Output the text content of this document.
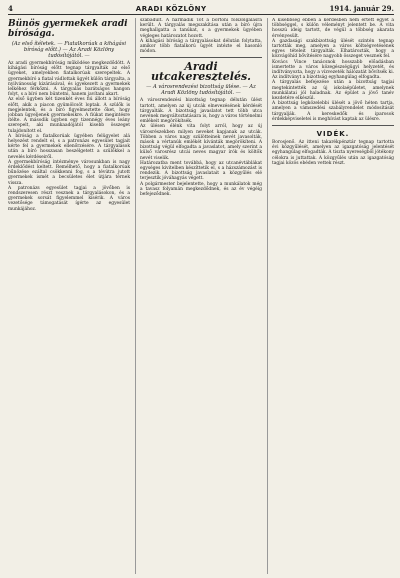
4	ARADI KÖZLÖNY	1914. január 29.
Bünös gyermekek aradi bírósága.
(Az első ítéletek. — Fiatalkorúak a kihágási bíróság előtt.) — Az Aradi Közlöny tudósítójától. —

Az aradi gyermekbíróság működése megkezdődött. A kihágási bíróság előtt tegnap tárgyalták az első ügyeket, amelyekben fiatalkorúak szerepeltek. A gyermekbíró a fiatal vádlottak ügyét külön tárgyalta, a nyilvánosság kizárásával, és igyekezett a gyermekek lelkéhez férkőzni. A tárgyalás barátságos hangon folyt, s a bíró nem büntetni, hanem javítani akart.

Az első ügyben két tizenkét éves fiú állott a bíróság előtt, akik a piacon gyümölcsöt loptak. A szülők is megjelentek, és a bíró figyelmeztette őket, hogy jobban ügyeljenek gyermekeikre. A fiúkat megintésre ítélte. A második ügyben egy tizennégy éves leány szerepelt, aki munkaadójától kisebb összeget tulajdonított el.

A bíróság a fiatalkorúak ügyében felügyelet alá helyezést rendelt el, s a patronázs egyesület tagjait kérte fel a gyermekek ellenőrzésére. A tárgyalások után a bíró hosszasan beszélgetett a szülőkkel a nevelés kérdéseiről.

A gyermekbíróság intézménye városunkban is nagy érdeklődést keltett. Remélhető, hogy a fiatalkorúak bűnözése ezáltal csökkenni fog, s a tévútra jutott gyermekek ismét a becsületes élet útjára térnek vissza.

A patronázs egyesület tagjai a jövőben is rendszeresen részt vesznek a tárgyalásokon, és a gyermekek sorsát figyelemmel kísérik. A város vezetősége támogatását ígérte az egyesület munkájához.

szabadult. A harmadik Tót a börtöni fölszolgálásra került. A tárgyalás megszakítása után a bíró újra meghallgatta a tanúkat, s a gyermekek ügyében végleges határozatot hozott.

A kihágási bíróság a tárgyalásokat délután folytatta, amikor több fiatalkorú ügyét intézte el hasonló módon.

Aradi utcakeresztelés.
— A városrendezési bizottság ülése. — Az Aradi Közlöny tudósítójától. —

A városrendezési bizottság tegnap délután ülést tartott, amelyen az új utcák elnevezésének kérdését tárgyalták. A bizottság javaslatot tett több utca nevének megváltoztatására is, hogy a város történelmi emlékeit megörökítsék.

Az ülésen élénk vita folyt arról, hogy az új városrészekben milyen neveket kapjanak az utcák. Többen a város nagy szülötteinek nevét javasolták, mások a vértanúk emlékét kívánták megörökíteni. A bizottság végül elfogadta a javaslatot, amely szerint a külső városrész utcái neves magyar írók és költők nevét viselik.

Határozatba ment továbbá, hogy az utcanévtáblákat egységes kivitelben készíttetik el, s a házszámozást is rendezik. A bizottság javaslatait a közgyűlés elé terjesztik jóváhagyás végett.

A polgármester bejelentette, hogy a munkálatok még a tavasz folyamán megkezdődnek, és az év végéig befejeződnek.

A kisebbség ebben a kérdésben nem értett egyet a többséggel, s külön véleményt jelentett be. A vita hosszú ideig tartott, de végül a többség akarata érvényesült.

A gazdasági szakbizottság ülését szintén tegnap tartották meg, amelyen a város költségvetésének egyes tételeit tárgyalták. Elhatározták, hogy a közvágóhíd bővítésére nagyobb összeget vesznek fel.

Kovács Vince tanácsnok hosszabb előadásban ismertette a város közegészségügyi helyzetét, és indítványozta, hogy a vízvezeték hálózatát bővítsék ki. Az indítványt a bizottság egyhangúlag elfogadta.

A tárgyalás befejezése után a bizottság tagjai megtekintették az új iskolaépületet, amelynek munkálatai jól haladnak. Az épület a jövő tanév kezdetére elkészül.

A bizottság legközelebbi ülését a jövő héten tartja, amelyen a vámszedési szabályrendelet módosítását tárgyalják. A kereskedők és iparosok érdekképviseletei is meghívást kaptak az ülésre.

VIDÉK.

Borosjenő. Az itteni takarékpénztár tegnap tartotta évi közgyűlését, amelyen az igazgatóság jelentését egyhangúlag elfogadták. A tiszta nyereségből jótékony célokra is juttattak. A közgyűlés után az igazgatóság tagjai közös ebéden vettek részt.
